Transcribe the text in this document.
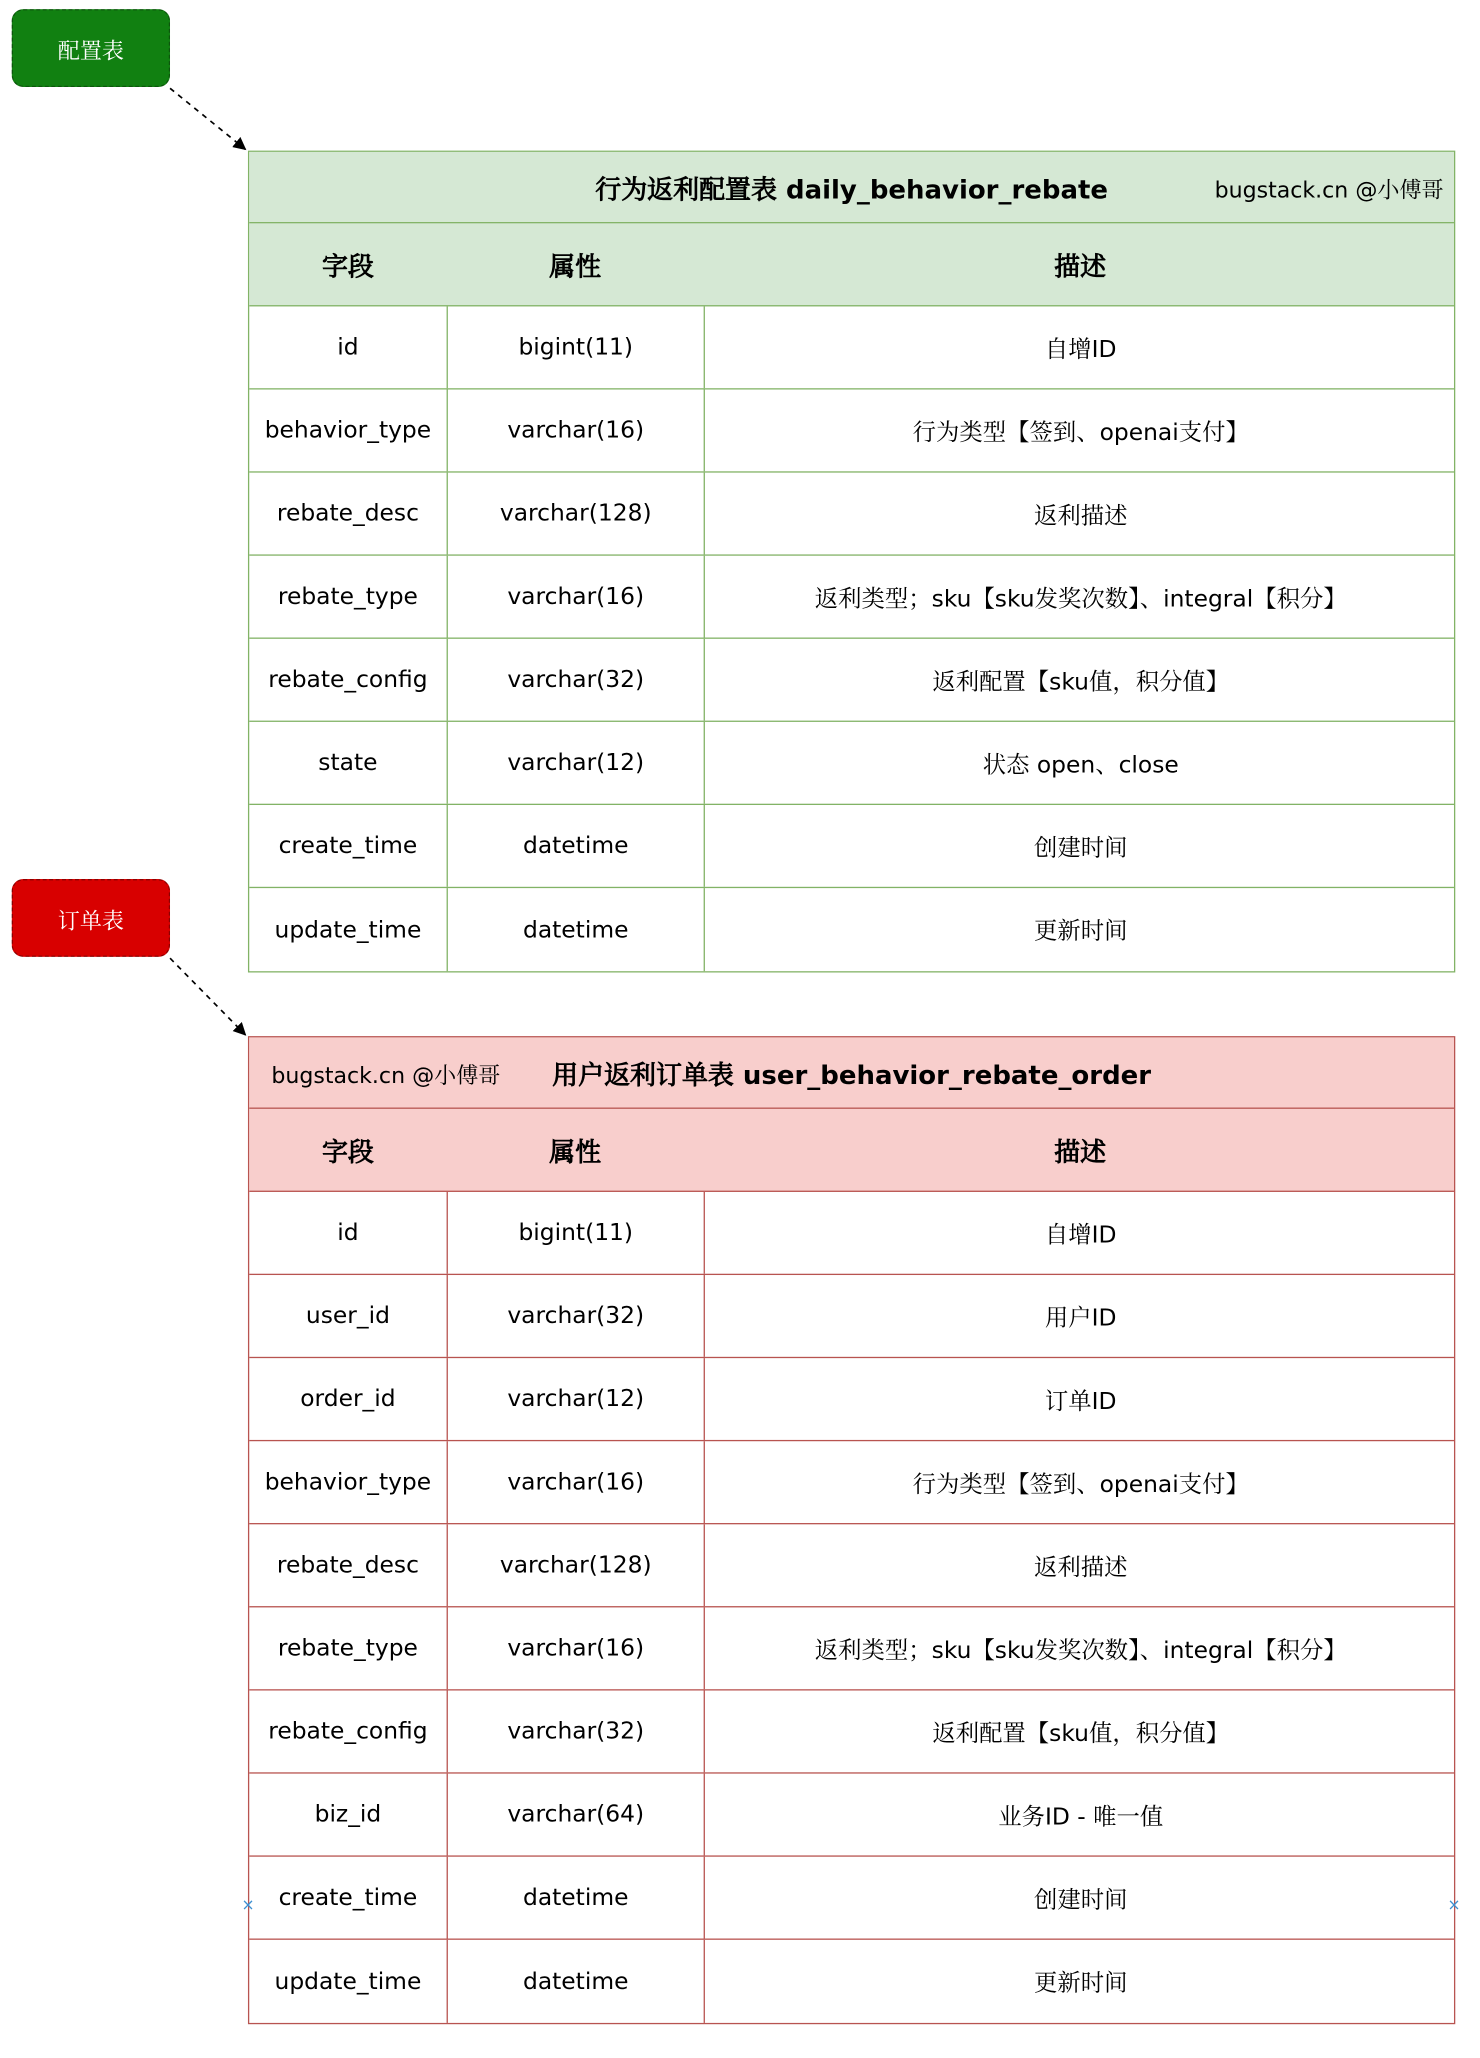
配置表
订单表
行为返利配置表 daily_behavior_rebate	bugstack.cn @小傅哥
字段	属性	描述
id	bigint(11)	自增ID
behavior_type	varchar(16)	行为类型【签到、openai支付】
rebate_desc	varchar(128)	返利描述
rebate_type	varchar(16)	返利类型；sku【sku发奖次数】、integral【积分】
rebate_config	varchar(32)	返利配置【sku值，积分值】
state	varchar(12)	状态 open、close
create_time	datetime	创建时间
update_time	datetime	更新时间
用户返利订单表 user_behavior_rebate_order
bugstack.cn @小傅哥
字段	属性	描述
id	bigint(11)	自增ID
user_id	varchar(32)	用户ID
order_id	varchar(12)	订单ID
behavior_type	varchar(16)	行为类型【签到、openai支付】
rebate_desc	varchar(128)	返利描述
rebate_type	varchar(16)	返利类型；sku【sku发奖次数】、integral【积分】
rebate_config	varchar(32)	返利配置【sku值，积分值】
biz_id	varchar(64)	业务ID - 唯一值
create_time	datetime	创建时间
update_time	datetime	更新时间
×	×
